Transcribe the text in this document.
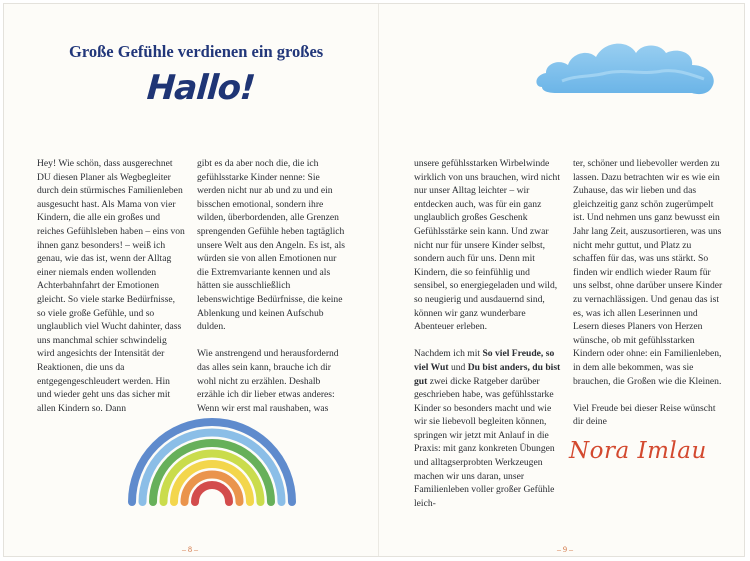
Große Gefühle verdienen ein großes
Hallo!

Hey! Wie schön, dass ausgerechnet DU diesen Planer als Wegbegleiter durch dein stürmisches Familienleben ausgesucht hast. Als Mama von vier Kindern, die alle ein großes und reiches Gefühlsleben haben – eins von ihnen ganz besonders! – weiß ich genau, wie das ist, wenn der Alltag einer niemals enden wollenden Achterbahnfahrt der Emotionen gleicht. So viele starke Bedürfnisse, so viele große Gefühle, und so unglaublich viel Wucht dahinter, dass uns manchmal schier schwindelig wird angesichts der Intensität der Reaktionen, die uns da entgegengeschleudert werden. Hin und wieder geht uns das sicher mit allen Kindern so. Dann

gibt es da aber noch die, die ich gefühlsstarke Kinder nenne: Sie werden nicht nur ab und zu und ein bisschen emotional, sondern ihre wilden, überbordenden, alle Grenzen sprengenden Gefühle heben tagtäglich unsere Welt aus den Angeln. Es ist, als würden sie von allen Emotionen nur die Extremvariante kennen und als hätten sie ausschließlich lebenswichtige Bedürfnisse, die keine Ablenkung und keinen Aufschub dulden.

Wie anstrengend und herausfordernd das alles sein kann, brauche ich dir wohl nicht zu erzählen. Deshalb erzähle ich dir lieber etwas anderes: Wenn wir erst mal raushaben, was

– 8 –

unsere gefühlsstarken Wirbelwinde wirklich von uns brauchen, wird nicht nur unser Alltag leichter – wir entdecken auch, was für ein ganz unglaublich großes Geschenk Gefühlsstärke sein kann. Und zwar nicht nur für unsere Kinder selbst, sondern auch für uns. Denn mit Kindern, die so feinfühlig und sensibel, so energiegeladen und wild, so neugierig und ausdauernd sind, können wir ganz wunderbare Abenteuer erleben.

Nachdem ich mit So viel Freude, so viel Wut und Du bist anders, du bist gut zwei dicke Ratgeber darüber geschrieben habe, was gefühlsstarke Kinder so besonders macht und wie wir sie liebevoll begleiten können, springen wir jetzt mit Anlauf in die Praxis: mit ganz konkreten Übungen und alltagserprobten Werkzeugen machen wir uns daran, unser Familienleben voller großer Gefühle leich-

ter, schöner und liebevoller werden zu lassen. Dazu betrachten wir es wie ein Zuhause, das wir lieben und das gleichzeitig ganz schön zugerümpelt ist. Und nehmen uns ganz bewusst ein Jahr lang Zeit, auszusortieren, was uns nicht mehr guttut, und Platz zu schaffen für das, was uns stärkt. So finden wir endlich wieder Raum für uns selbst, ohne darüber unsere Kinder zu vernachlässigen. Und genau das ist es, was ich allen Leserinnen und Lesern dieses Planers von Herzen wünsche, ob mit gefühlsstarken Kindern oder ohne: ein Familienleben, in dem alle bekommen, was sie brauchen, die Großen wie die Kleinen.

Viel Freude bei dieser Reise wünscht dir deine

Nora Imlau

– 9 –
